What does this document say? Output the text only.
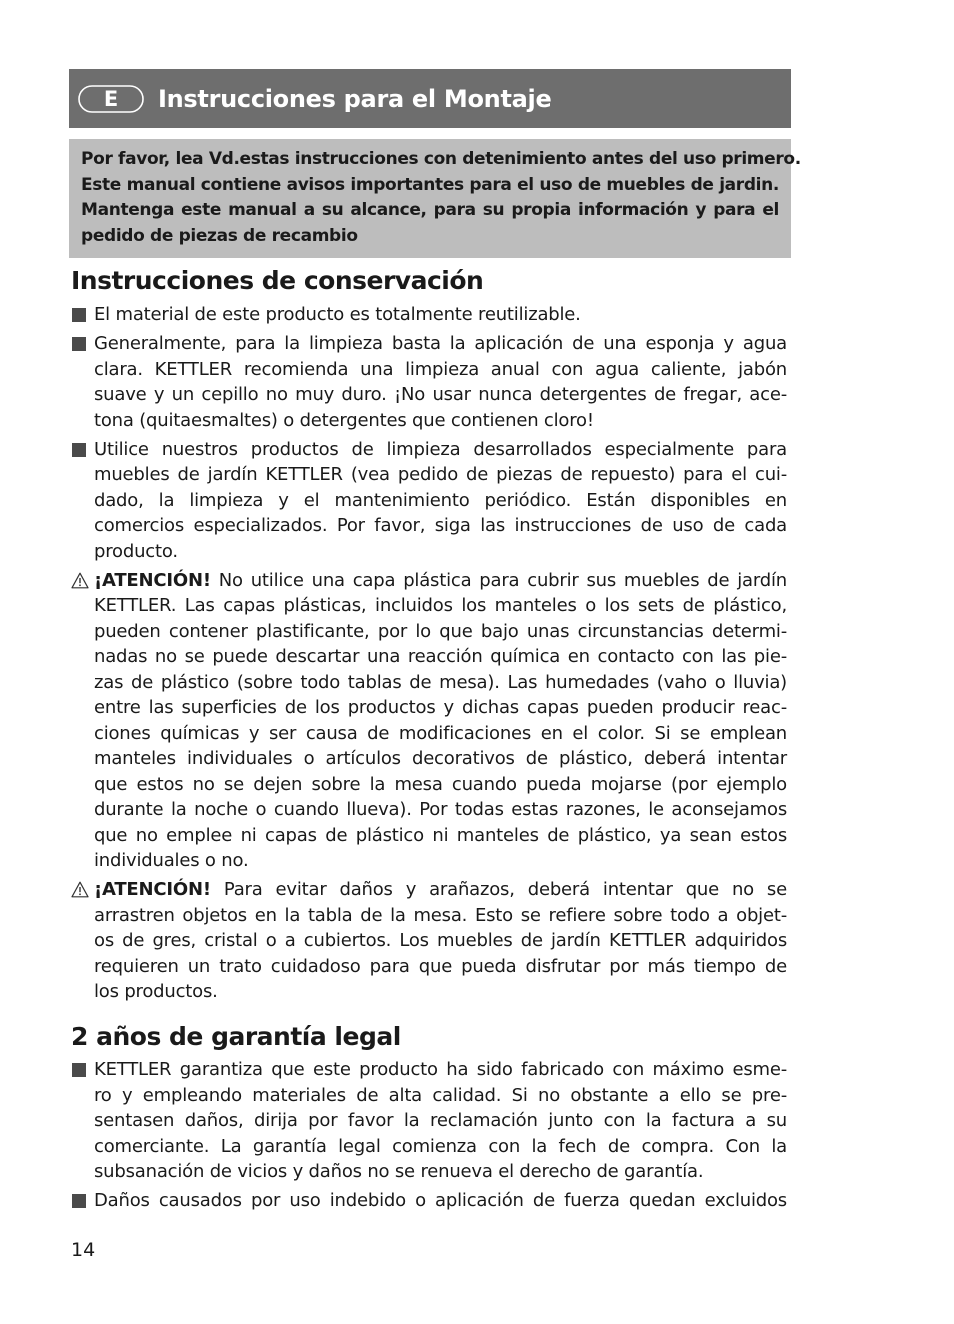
E Instrucciones para el Montaje
Por favor, lea Vd.estas instrucciones con detenimiento antes del uso primero.
Este manual contiene avisos importantes para el uso de muebles de jardin.
Mantenga este manual a su alcance, para su propia información y para el
pedido de piezas de recambio
Instrucciones de conservación
El material de este producto es totalmente reutilizable.
Generalmente, para la limpieza basta la aplicación de una esponja y agua
clara. KETTLER recomienda una limpieza anual con agua caliente, jabón
suave y un cepillo no muy duro. ¡No usar nunca detergentes de fregar, ace-
tona (quitaesmaltes) o detergentes que contienen cloro!
Utilice nuestros productos de limpieza desarrollados especialmente para
muebles de jardín KETTLER (vea pedido de piezas de repuesto) para el cui-
dado, la limpieza y el mantenimiento periódico. Están disponibles en
comercios especializados. Por favor, siga las instrucciones de uso de cada
producto.
¡ATENCIÓN! No utilice una capa plástica para cubrir sus muebles de jardín
KETTLER. Las capas plásticas, incluidos los manteles o los sets de plástico,
pueden contener plastificante, por lo que bajo unas circunstancias determi-
nadas no se puede descartar una reacción química en contacto con las pie-
zas de plástico (sobre todo tablas de mesa). Las humedades (vaho o lluvia)
entre las superficies de los productos y dichas capas pueden producir reac-
ciones químicas y ser causa de modificaciones en el color. Si se emplean
manteles individuales o artículos decorativos de plástico, deberá intentar
que estos no se dejen sobre la mesa cuando pueda mojarse (por ejemplo
durante la noche o cuando llueva). Por todas estas razones, le aconsejamos
que no emplee ni capas de plástico ni manteles de plástico, ya sean estos
individuales o no.
¡ATENCIÓN! Para evitar daños y arañazos, deberá intentar que no se
arrastren objetos en la tabla de la mesa. Esto se refiere sobre todo a objet-
os de gres, cristal o a cubiertos. Los muebles de jardín KETTLER adquiridos
requieren un trato cuidadoso para que pueda disfrutar por más tiempo de
los productos.
2 años de garantía legal
KETTLER garantiza que este producto ha sido fabricado con máximo esme-
ro y empleando materiales de alta calidad. Si no obstante a ello se pre-
sentasen daños, dirija por favor la reclamación junto con la factura a su
comerciante. La garantía legal comienza con la fech de compra. Con la
subsanación de vicios y daños no se renueva el derecho de garantía.
Daños causados por uso indebido o aplicación de fuerza quedan excluidos
14
